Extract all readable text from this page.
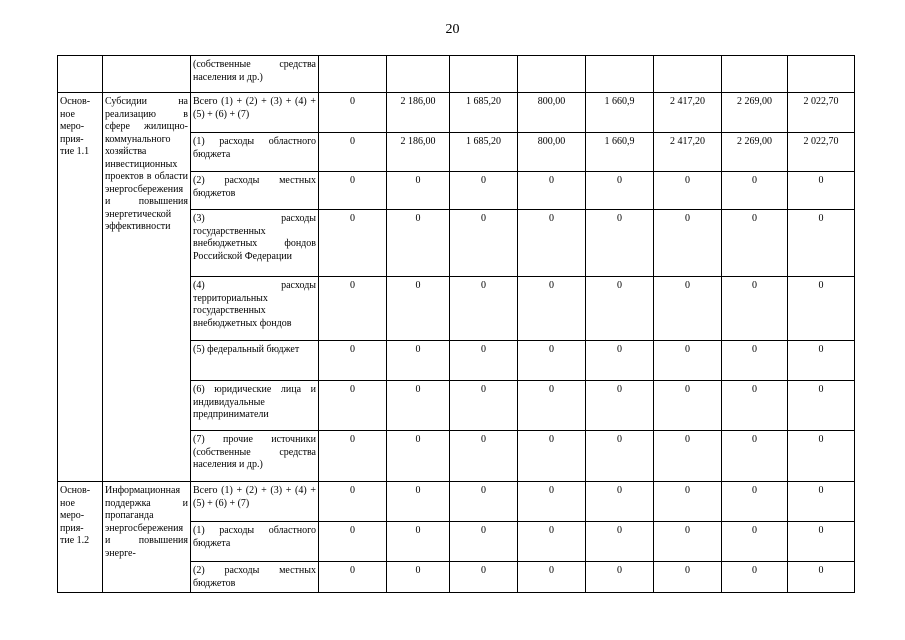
20
		(собственные средства населения и др.)								

Основ-
ное
меро-
прия-
тие 1.1	Субсидии на реализацию в сфере жилищно-коммунального хозяйства инвестиционных проектов в области энергосбережения и повышения энергетической эффективности	Всего (1) + (2) + (3) + (4) + (5) + (6) + (7)	0	2 186,00	1 685,20	800,00	1 660,9	2 417,20	2 269,00	2 022,70
		(1) расходы областного бюджета	0	2 186,00	1 685,20	800,00	1 660,9	2 417,20	2 269,00	2 022,70
		(2) расходы местных бюджетов	0	0	0	0	0	0	0	0
		(3) расходы государственных внебюджетных фондов Российской Федерации	0	0	0	0	0	0	0	0
		(4) расходы территориальных государственных внебюджетных фондов	0	0	0	0	0	0	0	0
		(5) федеральный бюджет	0	0	0	0	0	0	0	0
		(6) юридические лица и индивидуальные предприниматели	0	0	0	0	0	0	0	0
		(7) прочие источники (собственные средства населения и др.)	0	0	0	0	0	0	0	0

Основ-
ное
меро-
прия-
тие 1.2	Информационная поддержка и пропаганда энергосбережения и повышения энерге-	Всего (1) + (2) + (3) + (4) + (5) + (6) + (7)	0	0	0	0	0	0	0	0
		(1) расходы областного бюджета	0	0	0	0	0	0	0	0
		(2) расходы местных бюджетов	0	0	0	0	0	0	0	0
